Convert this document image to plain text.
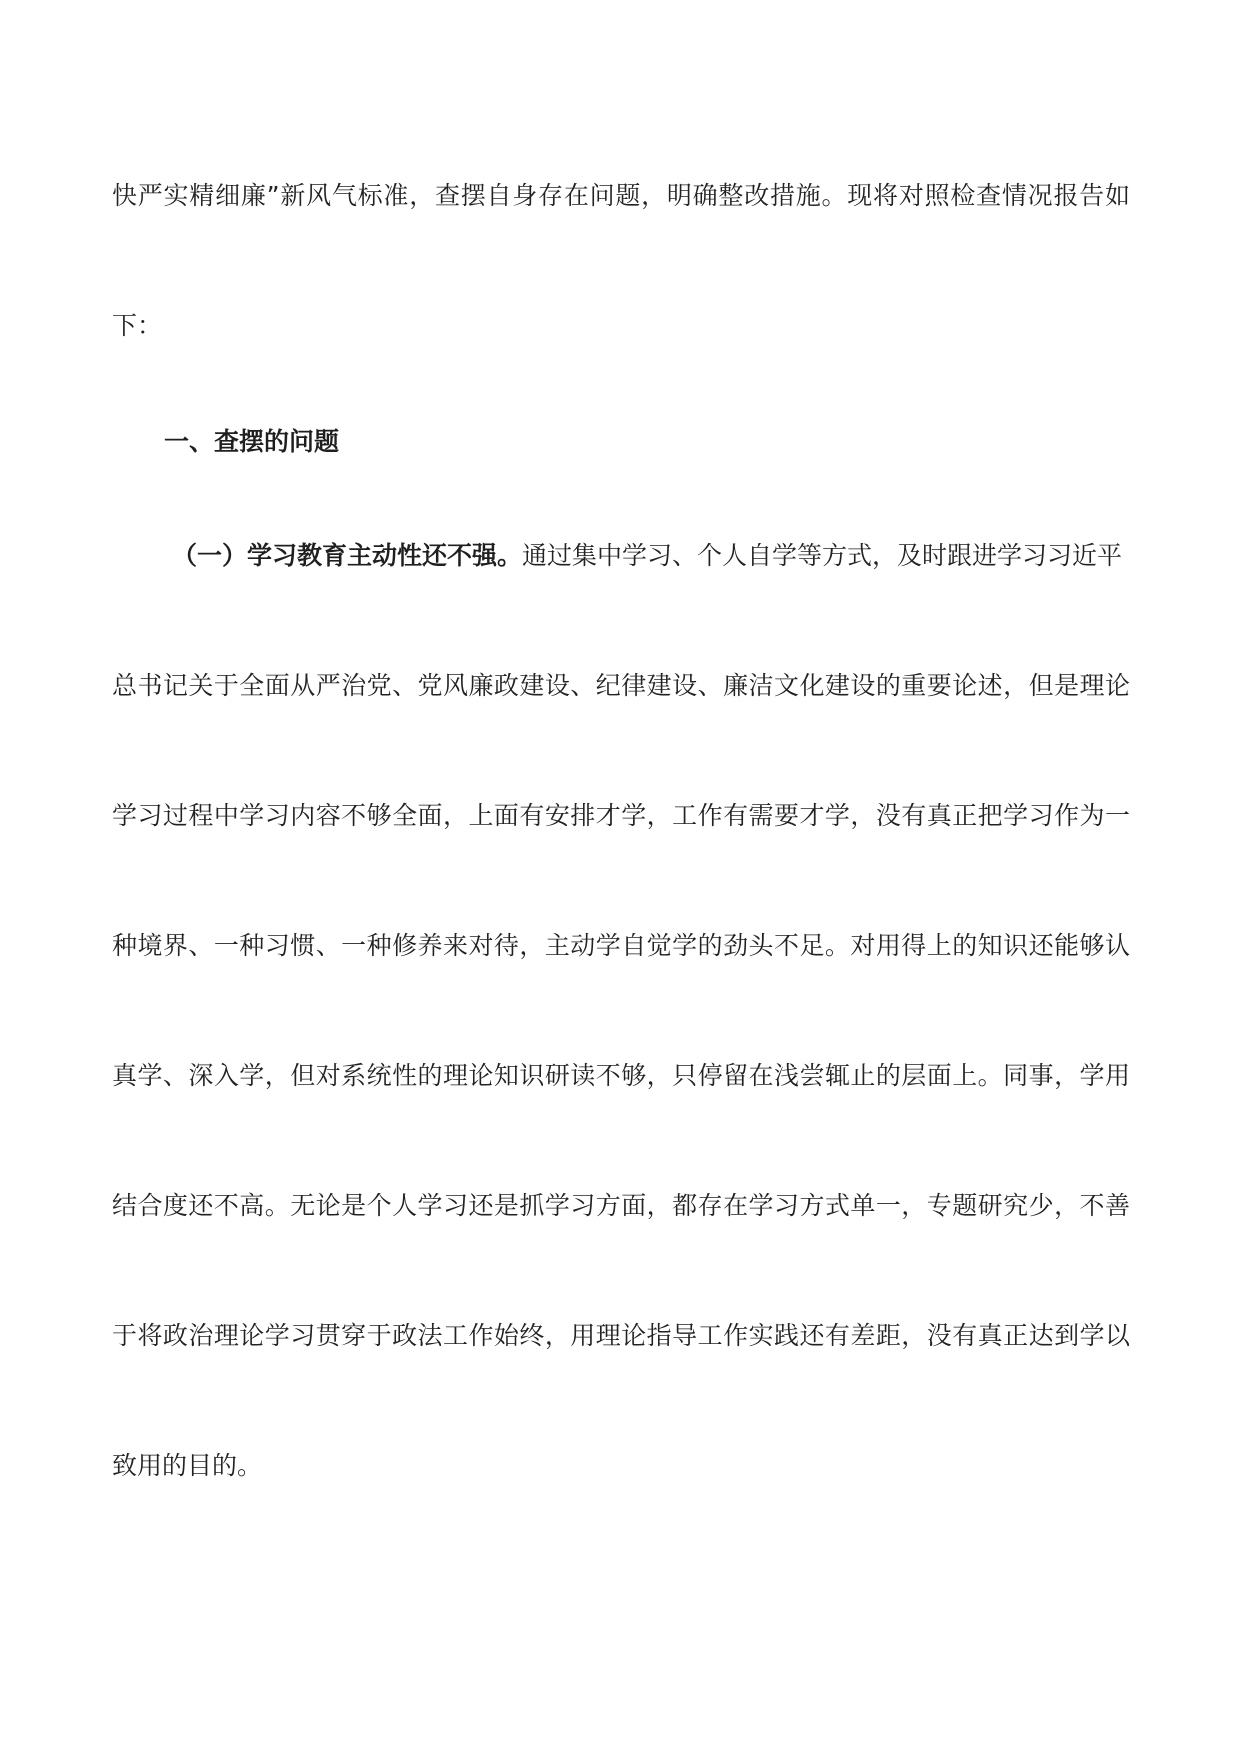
快严实精细廉”新风气标准，查摆自身存在问题，明确整改措施。现将对照检查情况报告如
下：
一、查摆的问题
（一）学习教育主动性还不强。通过集中学习、个人自学等方式，及时跟进学习习近平
总书记关于全面从严治党、党风廉政建设、纪律建设、廉洁文化建设的重要论述，但是理论
学习过程中学习内容不够全面，上面有安排才学，工作有需要才学，没有真正把学习作为一
种境界、一种习惯、一种修养来对待，主动学自觉学的劲头不足。对用得上的知识还能够认
真学、深入学，但对系统性的理论知识研读不够，只停留在浅尝辄止的层面上。同事，学用
结合度还不高。无论是个人学习还是抓学习方面，都存在学习方式单一，专题研究少，不善
于将政治理论学习贯穿于政法工作始终，用理论指导工作实践还有差距，没有真正达到学以
致用的目的。
